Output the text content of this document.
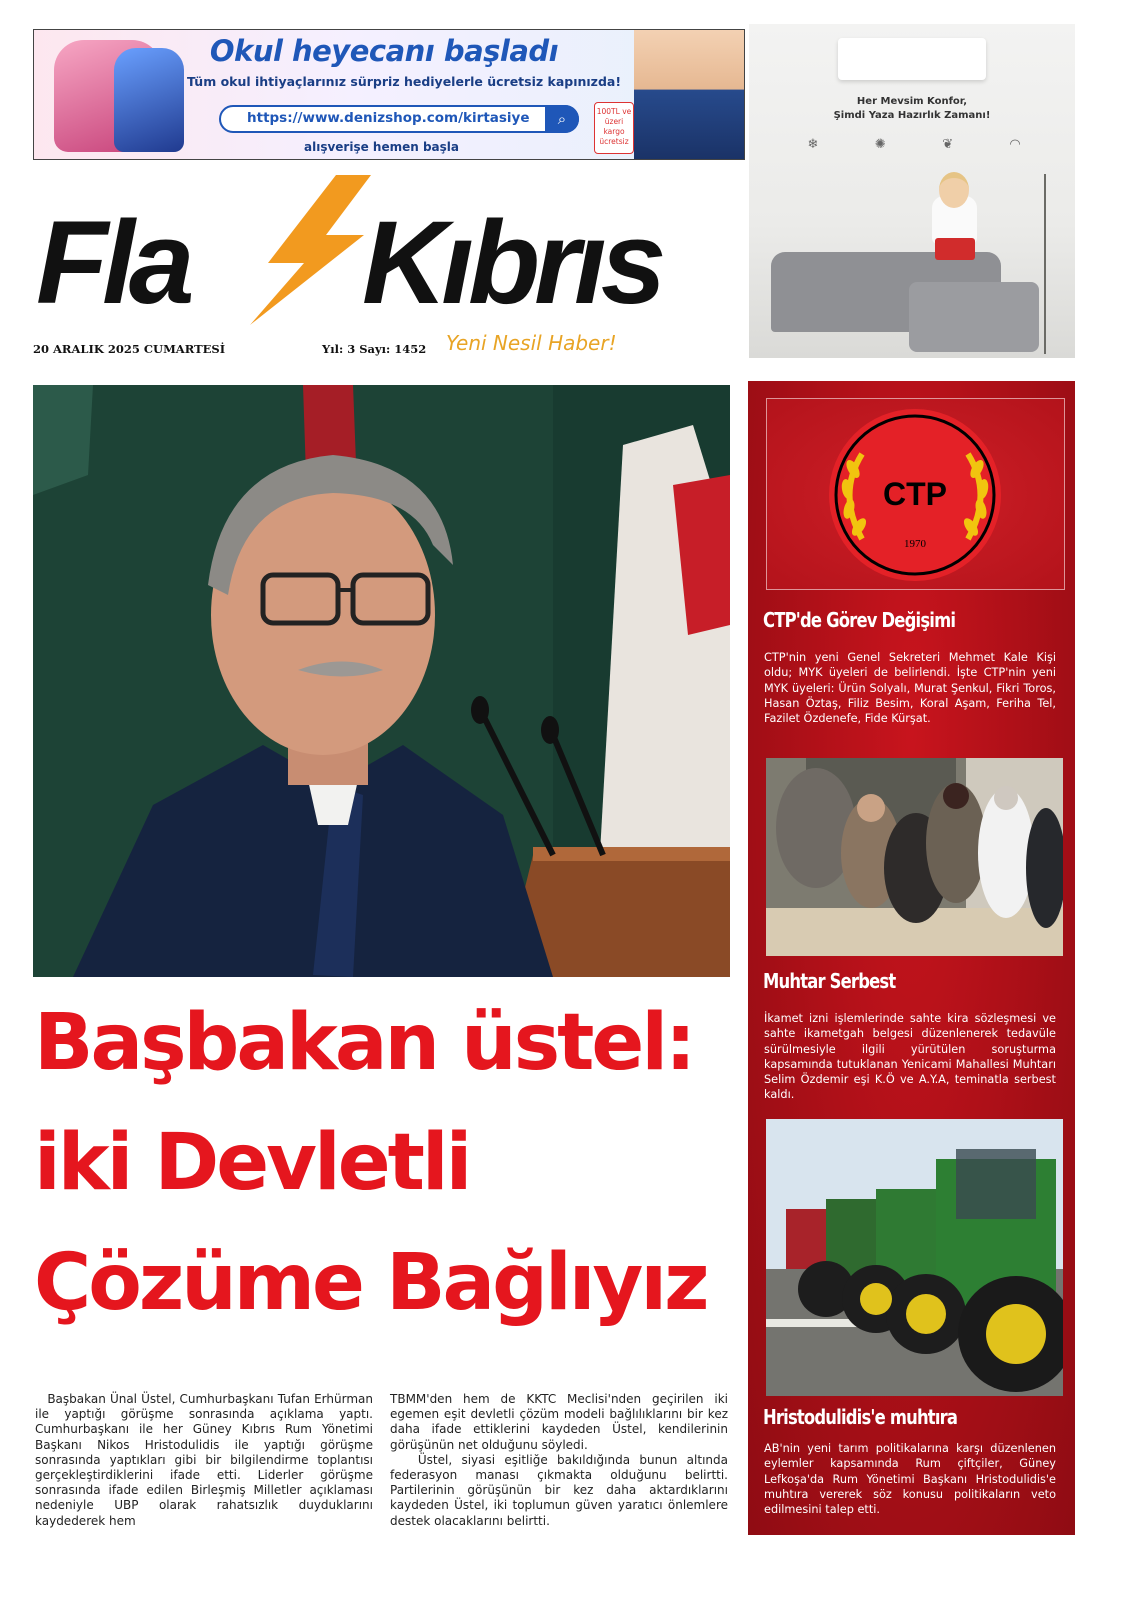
Okul heyecanı başladı
Tüm okul ihtiyaçlarınız sürpriz hediyelerle ücretsiz kapınızda!
https://www.denizshop.com/kirtasiye	⌕
alışverişe hemen başla
100TL ve üzeri kargo ücretsiz
Her Mevsim Konfor,
Şimdi Yaza Hazırlık Zamanı!
❄	✺	❦	◠
Fla Kıbrıs
20 ARALIK 2025 CUMARTESİ	Yıl: 3 Sayı: 1452 Yeni Nesil Haber!
Başbakan üstel:
iki Devletli
Çözüme Bağlıyız

Başbakan Ünal Üstel, Cumhurbaşkanı Tufan Erhürman ile yaptığı görüşme sonrasında açıklama yaptı. Cumhurbaşkanı ile her Güney Kıbrıs Rum Yönetimi Başkanı Nikos Hristodulidis ile yaptığı görüşme sonrasında yaptıkları gibi bir bilgilendirme toplantısı gerçekleştirdiklerini ifade etti. Liderler görüşme sonrasında ifade edilen Birleşmiş Milletler açıklaması nedeniyle UBP olarak rahatsızlık duyduklarını kaydederek hem

TBMM'den hem de KKTC Meclisi'nden geçirilen iki egemen eşit devletli çözüm modeli bağlılıklarını bir kez daha ifade ettiklerini kaydeden Üstel, kendilerinin görüşünün net olduğunu söyledi.
Üstel, siyasi eşitliğe bakıldığında bunun altında federasyon manası çıkmakta olduğunu belirtti. Partilerinin görüşünün bir kez daha aktardıklarını kaydeden Üstel, iki toplumun güven yaratıcı önlemlere destek olacaklarını belirtti.

CTP
1970
CTP'de Görev Değişimi

CTP'nin yeni Genel Sekreteri Mehmet Kale Kişi oldu; MYK üyeleri de belirlendi. İşte CTP'nin yeni MYK üyeleri: Ürün Solyalı, Murat Şenkul, Fikri Toros, Hasan Öztaş, Filiz Besim, Koral Aşam, Feriha Tel, Fazilet Özdenefe, Fide Kürşat.

Muhtar Serbest

İkamet izni işlemlerinde sahte kira sözleşmesi ve sahte ikametgah belgesi düzenlenerek tedavüle sürülmesiyle ilgili yürütülen soruşturma kapsamında tutuklanan Yenicami Mahallesi Muhtarı Selim Özdemir eşi K.Ö ve A.Y.A, teminatla serbest kaldı.

Hristodulidis'e muhtıra

AB'nin yeni tarım politikalarına karşı düzenlenen eylemler kapsamında Rum çiftçiler, Güney Lefkoşa'da Rum Yönetimi Başkanı Hristodulidis'e muhtıra vererek söz konusu politikaların veto edilmesini talep etti.
